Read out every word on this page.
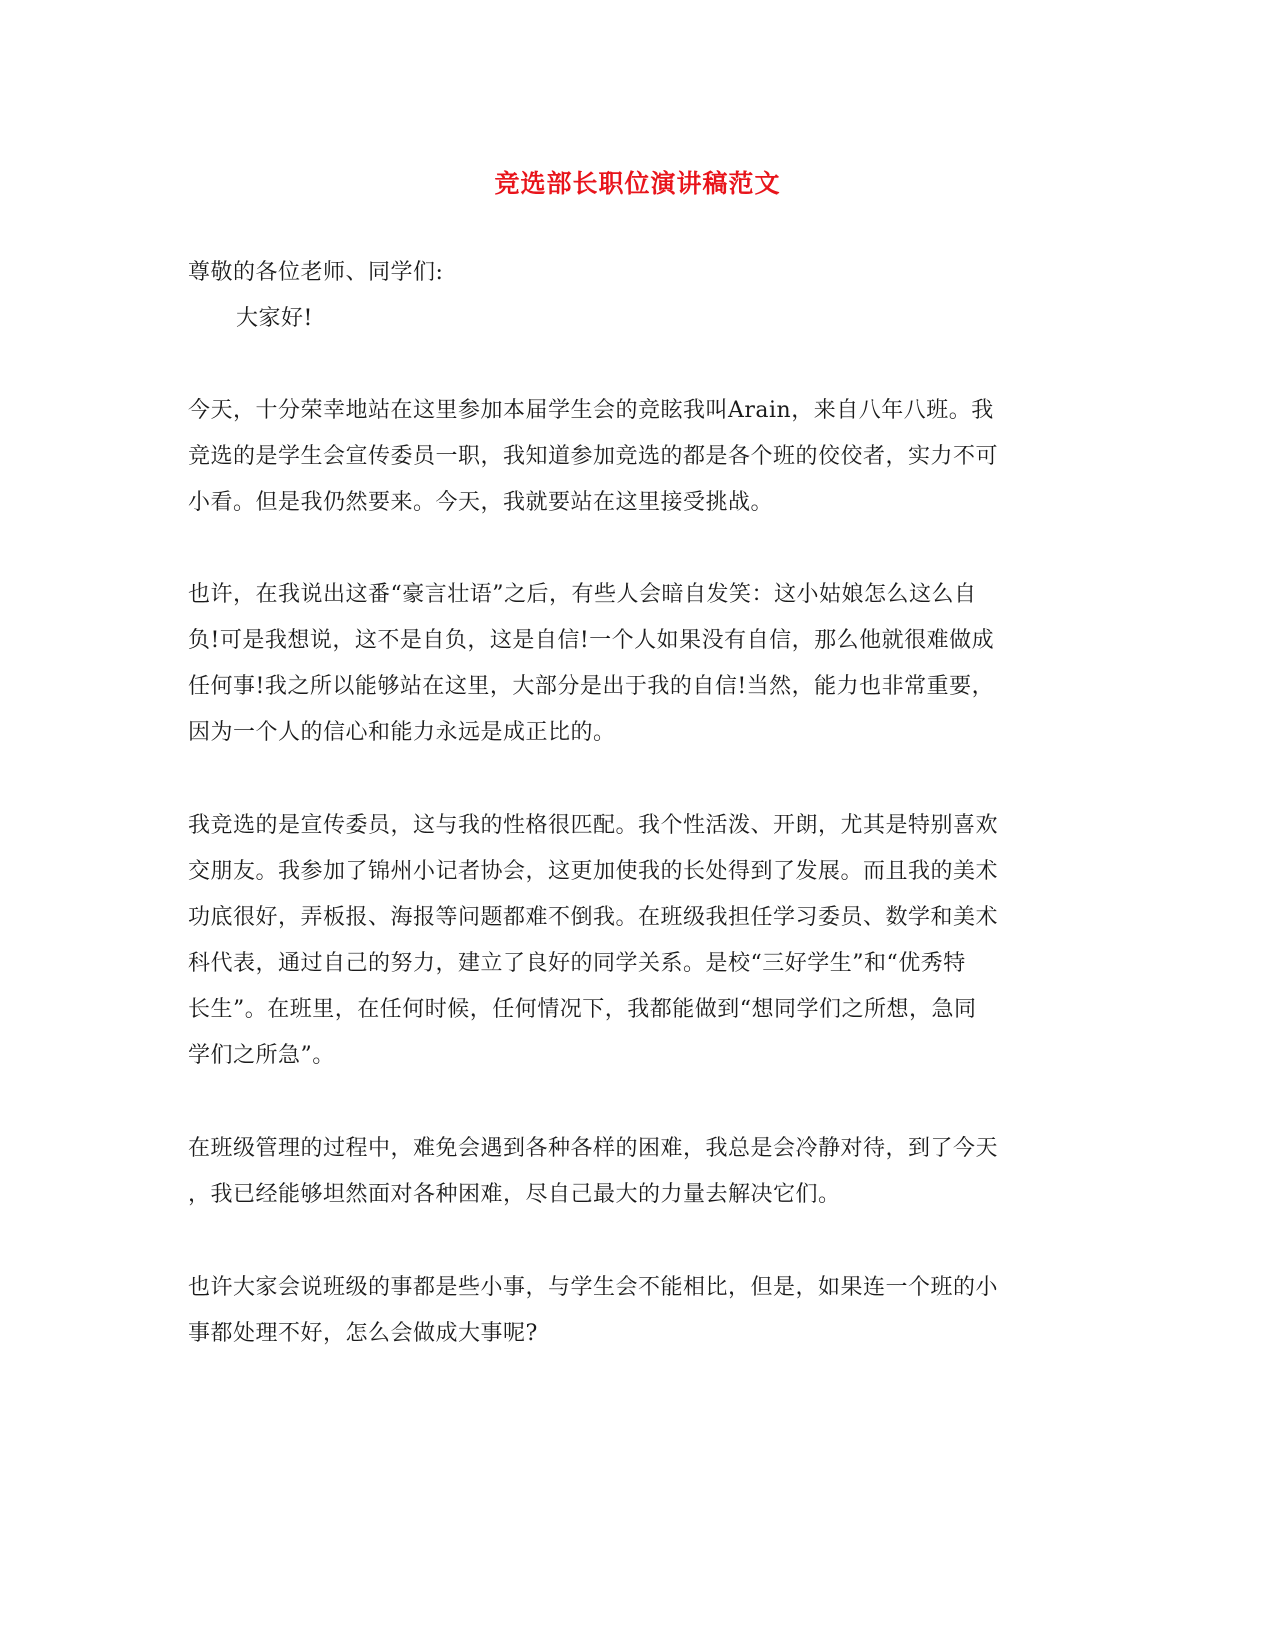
竞选部长职位演讲稿范文
尊敬的各位老师、同学们:
大家好!
今天，十分荣幸地站在这里参加本届学生会的竞眩我叫Arain，来自八年八班。我
竞选的是学生会宣传委员一职，我知道参加竞选的都是各个班的佼佼者，实力不可
小看。但是我仍然要来。今天，我就要站在这里接受挑战。
也许，在我说出这番“豪言壮语”之后，有些人会暗自发笑：这小姑娘怎么这么自
负!可是我想说，这不是自负，这是自信!一个人如果没有自信，那么他就很难做成
任何事!我之所以能够站在这里，大部分是出于我的自信!当然，能力也非常重要，
因为一个人的信心和能力永远是成正比的。
我竞选的是宣传委员，这与我的性格很匹配。我个性活泼、开朗，尤其是特别喜欢
交朋友。我参加了锦州小记者协会，这更加使我的长处得到了发展。而且我的美术
功底很好，弄板报、海报等问题都难不倒我。在班级我担任学习委员、数学和美术
科代表，通过自己的努力，建立了良好的同学关系。是校“三好学生”和“优秀特
长生”。在班里，在任何时候，任何情况下，我都能做到“想同学们之所想，急同
学们之所急”。
在班级管理的过程中，难免会遇到各种各样的困难，我总是会冷静对待，到了今天
，我已经能够坦然面对各种困难，尽自己最大的力量去解决它们。
也许大家会说班级的事都是些小事，与学生会不能相比，但是，如果连一个班的小
事都处理不好，怎么会做成大事呢?
